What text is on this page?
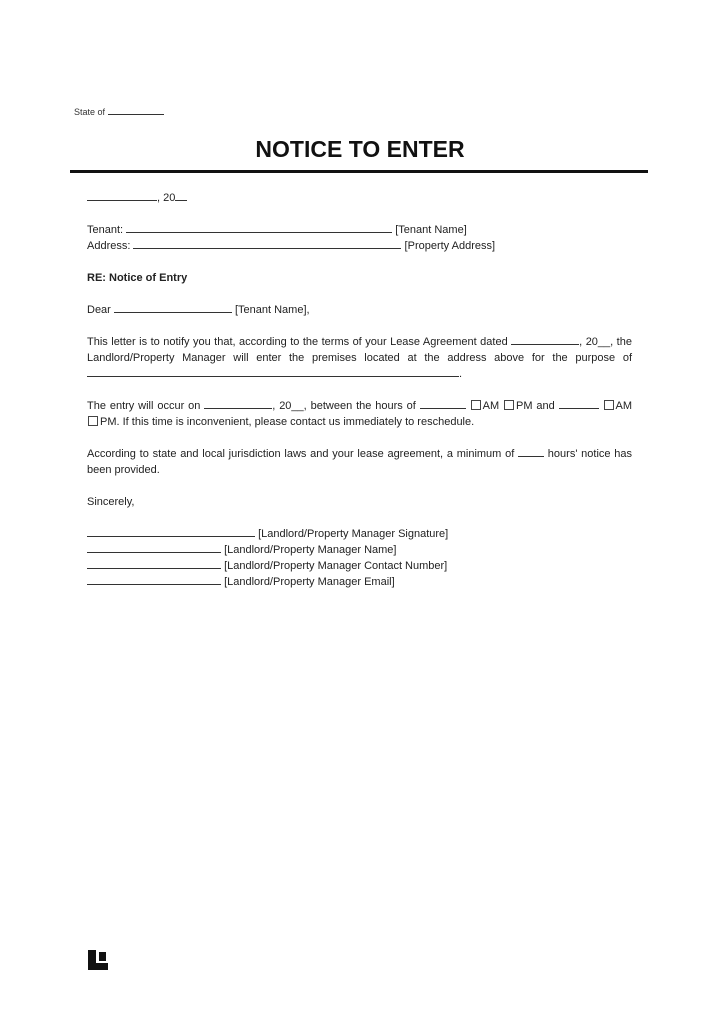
State of
NOTICE TO ENTER
, 20
Tenant:	[Tenant Name]
Address:	[Property Address]
RE: Notice of Entry
Dear	[Tenant Name],
This letter is to notify you that, according to the terms of your Lease Agreement dated	, 20__, the Landlord/Property Manager will enter the premises located at the address above for the purpose of .
The entry will occur on	, 20__, between the hours of	AM PM and	AM PM. If this time is inconvenient, please contact us immediately to reschedule.
According to state and local jurisdiction laws and your lease agreement, a minimum of	hours' notice has been provided.
Sincerely,
[Landlord/Property Manager Signature]
[Landlord/Property Manager Name]
[Landlord/Property Manager Contact Number]
[Landlord/Property Manager Email]
